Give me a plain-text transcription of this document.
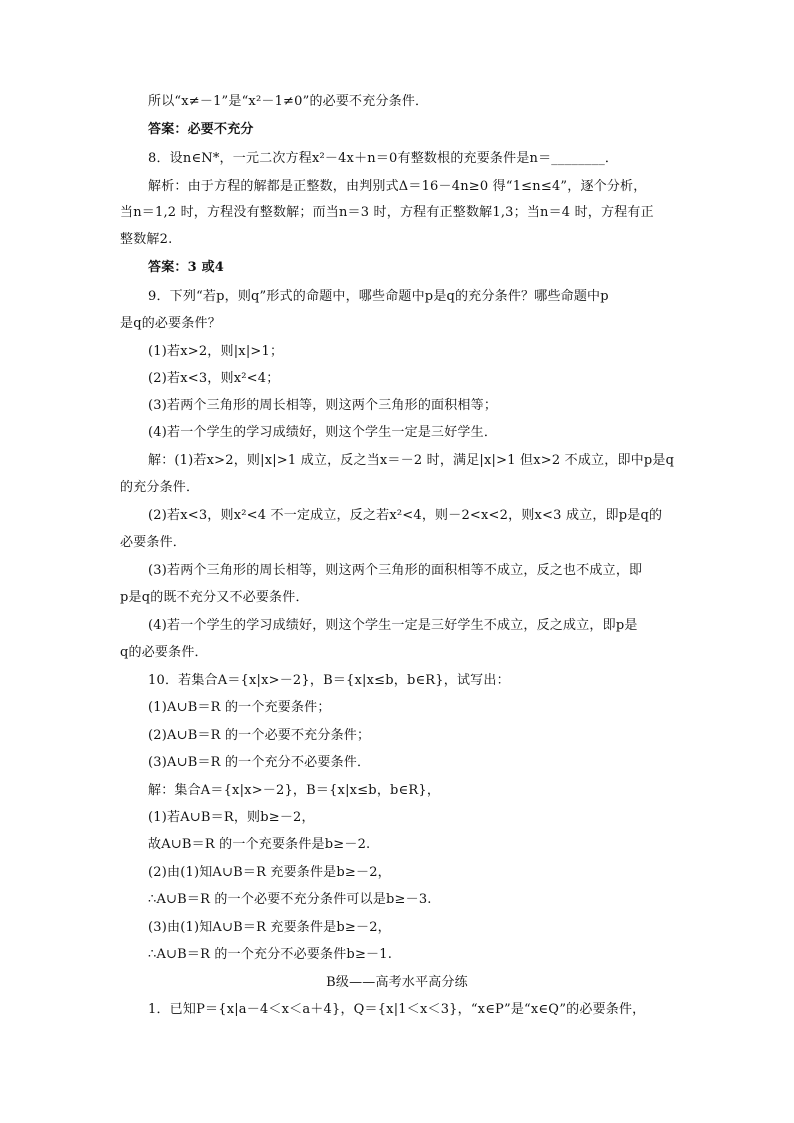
所以“x≠－1”是“x²－1≠0”的必要不充分条件．
答案：必要不充分
8．设n∈N*，一元二次方程x²－4x＋n＝0有整数根的充要条件是n＝________．
解析：由于方程的解都是正整数，由判别式Δ＝16－4n≥0 得“1≤n≤4”，逐个分析，
当n＝1,2 时，方程没有整数解；而当n＝3 时，方程有正整数解1,3；当n＝4 时，方程有正
整数解2.
答案：3 或4
9．下列“若p，则q”形式的命题中，哪些命题中p是q的充分条件？哪些命题中p
是q的必要条件？
(1)若x>2，则|x|>1；
(2)若x<3，则x²<4；
(3)若两个三角形的周长相等，则这两个三角形的面积相等；
(4)若一个学生的学习成绩好，则这个学生一定是三好学生．
解：(1)若x>2，则|x|>1 成立，反之当x＝－2 时，满足|x|>1 但x>2 不成立，即中p是q
的充分条件．
(2)若x<3，则x²<4 不一定成立，反之若x²<4，则－2<x<2，则x<3 成立，即p是q的
必要条件．
(3)若两个三角形的周长相等，则这两个三角形的面积相等不成立，反之也不成立，即
p是q的既不充分又不必要条件．
(4)若一个学生的学习成绩好，则这个学生一定是三好学生不成立，反之成立，即p是
q的必要条件．
10．若集合A＝{x|x>－2}，B＝{x|x≤b，b∈R}，试写出：
(1)A∪B＝R 的一个充要条件；
(2)A∪B＝R 的一个必要不充分条件；
(3)A∪B＝R 的一个充分不必要条件．
解：集合A＝{x|x>－2}，B＝{x|x≤b，b∈R}，
(1)若A∪B＝R，则b≥－2，
故A∪B＝R 的一个充要条件是b≥－2.
(2)由(1)知A∪B＝R 充要条件是b≥－2，
∴A∪B＝R 的一个必要不充分条件可以是b≥－3.
(3)由(1)知A∪B＝R 充要条件是b≥－2，
∴A∪B＝R 的一个充分不必要条件b≥－1.
B级——高考水平高分练
1．已知P＝{x|a－4＜x＜a＋4}，Q＝{x|1＜x＜3}，“x∈P”是“x∈Q”的必要条件，
